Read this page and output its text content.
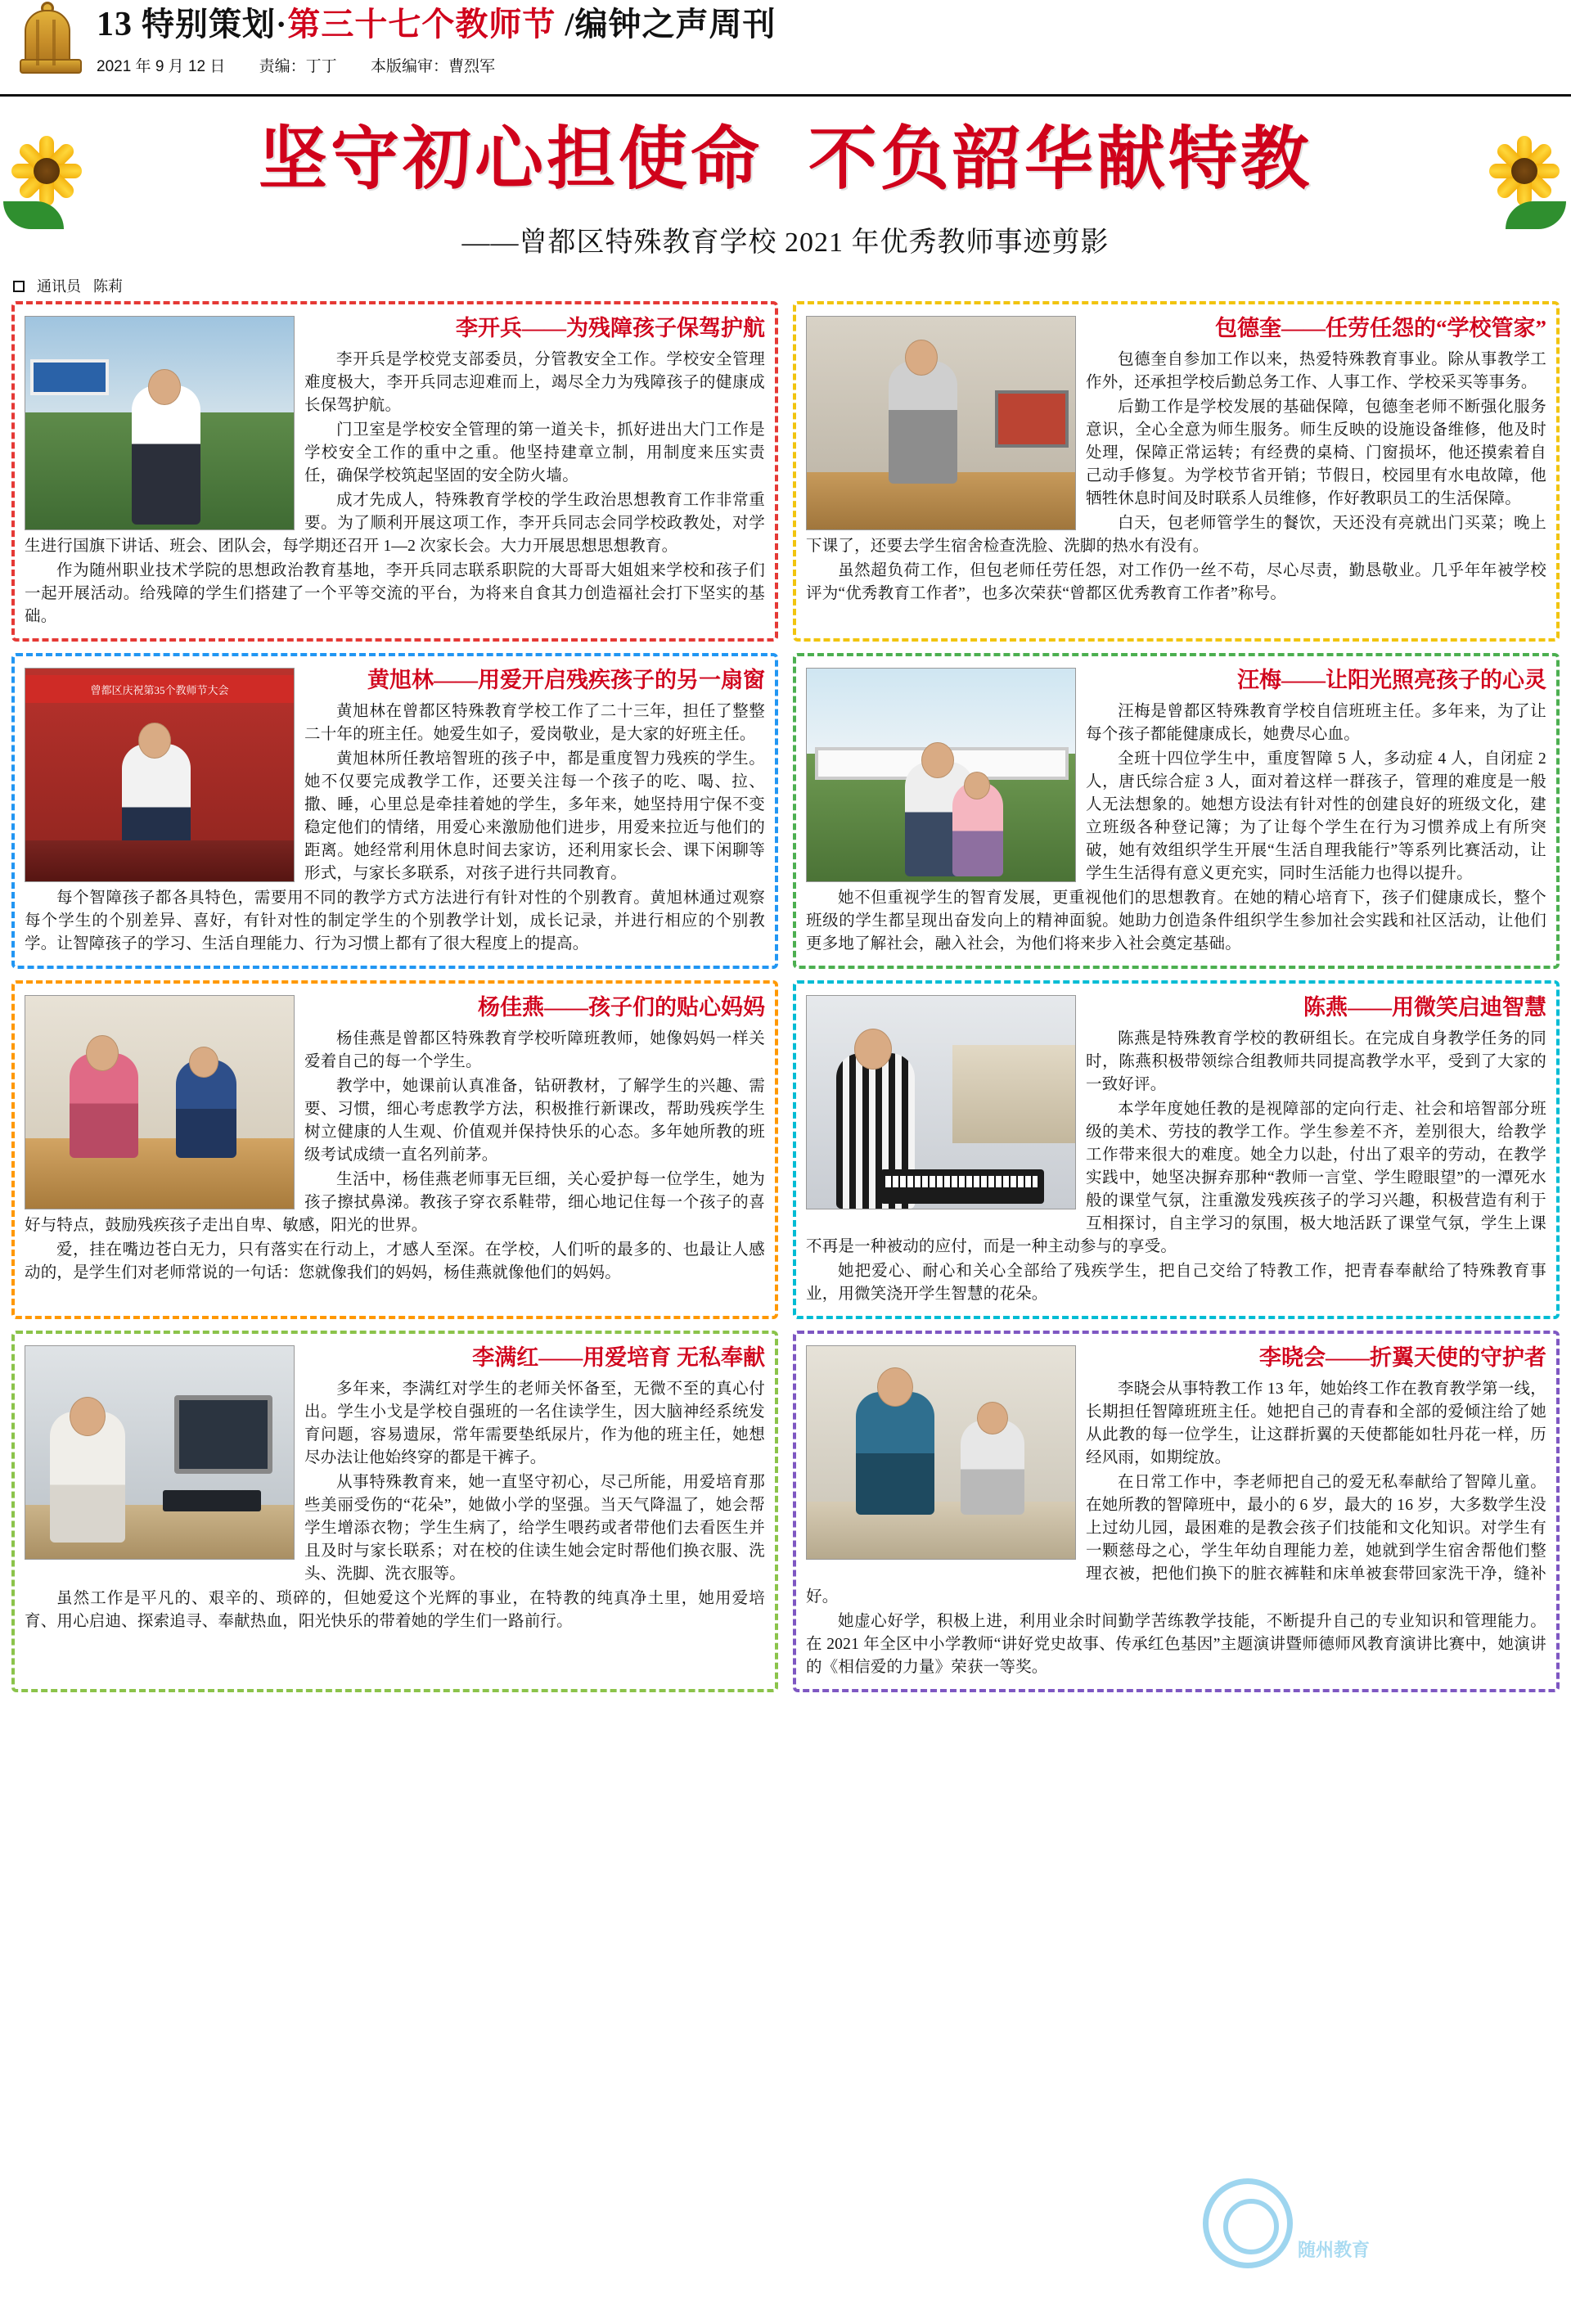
13 特别策划·第三十七个教师节 /编钟之声周刊
2021 年 9 月 12 日 责编：丁丁 本版编审：曹烈军
坚守初心担使命 不负韶华献特教
——曾都区特殊教育学校 2021 年优秀教师事迹剪影
通讯员 陈莉
李开兵——为残障孩子保驾护航

李开兵是学校党支部委员，分管教安全工作。学校安全管理难度极大，李开兵同志迎难而上，竭尽全力为残障孩子的健康成长保驾护航。

门卫室是学校安全管理的第一道关卡，抓好进出大门工作是学校安全工作的重中之重。他坚持建章立制，用制度来压实责任，确保学校筑起坚固的安全防火墙。

成才先成人，特殊教育学校的学生政治思想教育工作非常重要。为了顺利开展这项工作，李开兵同志会同学校政教处，对学生进行国旗下讲话、班会、团队会，每学期还召开 1—2 次家长会。大力开展思想思想教育。

作为随州职业技术学院的思想政治教育基地，李开兵同志联系职院的大哥哥大姐姐来学校和孩子们一起开展活动。给残障的学生们搭建了一个平等交流的平台，为将来自食其力创造福社会打下坚实的基础。

包德奎——任劳任怨的“学校管家”

包德奎自参加工作以来，热爱特殊教育事业。除从事教学工作外，还承担学校后勤总务工作、人事工作、学校采买等事务。

后勤工作是学校发展的基础保障，包德奎老师不断强化服务意识，全心全意为师生服务。师生反映的设施设备维修，他及时处理，保障正常运转；有经费的桌椅、门窗损坏，他还摸索着自己动手修复。为学校节省开销；节假日，校园里有水电故障，他牺牲休息时间及时联系人员维修，作好教职员工的生活保障。

白天，包老师管学生的餐饮，天还没有亮就出门买菜；晚上下课了，还要去学生宿舍检查洗脸、洗脚的热水有没有。

虽然超负荷工作，但包老师任劳任怨，对工作仍一丝不苟，尽心尽责，勤恳敬业。几乎年年被学校评为“优秀教育工作者”，也多次荣获“曾都区优秀教育工作者”称号。

曾都区庆祝第35个教师节大会	黄旭林——用爱开启残疾孩子的另一扇窗

黄旭林在曾都区特殊教育学校工作了二十三年，担任了整整二十年的班主任。她爱生如子，爱岗敬业，是大家的好班主任。

黄旭林所任教培智班的孩子中，都是重度智力残疾的学生。她不仅要完成教学工作，还要关注每一个孩子的吃、喝、拉、撒、睡，心里总是牵挂着她的学生，多年来，她坚持用宁保不变稳定他们的情绪，用爱心来激励他们进步，用爱来拉近与他们的距离。她经常利用休息时间去家访，还利用家长会、课下闲聊等形式，与家长多联系，对孩子进行共同教育。

每个智障孩子都各具特色，需要用不同的教学方式方法进行有针对性的个别教育。黄旭林通过观察每个学生的个别差异、喜好，有针对性的制定学生的个别教学计划，成长记录，并进行相应的个别教学。让智障孩子的学习、生活自理能力、行为习惯上都有了很大程度上的提高。

汪梅——让阳光照亮孩子的心灵

汪梅是曾都区特殊教育学校自信班班主任。多年来，为了让每个孩子都能健康成长，她费尽心血。

全班十四位学生中，重度智障 5 人，多动症 4 人，自闭症 2 人，唐氏综合症 3 人，面对着这样一群孩子，管理的难度是一般人无法想象的。她想方设法有针对性的创建良好的班级文化，建立班级各种登记簿；为了让每个学生在行为习惯养成上有所突破，她有效组织学生开展“生活自理我能行”等系列比赛活动，让学生生活得有意义更充实，同时生活能力也得以提升。

她不但重视学生的智育发展，更重视他们的思想教育。在她的精心培育下，孩子们健康成长，整个班级的学生都呈现出奋发向上的精神面貌。她助力创造条件组织学生参加社会实践和社区活动，让他们更多地了解社会，融入社会，为他们将来步入社会奠定基础。

杨佳燕——孩子们的贴心妈妈

杨佳燕是曾都区特殊教育学校听障班教师，她像妈妈一样关爱着自己的每一个学生。

教学中，她课前认真准备，钻研教材，了解学生的兴趣、需要、习惯，细心考虑教学方法，积极推行新课改，帮助残疾学生树立健康的人生观、价值观并保持快乐的心态。多年她所教的班级考试成绩一直名列前茅。

生活中，杨佳燕老师事无巨细，关心爱护每一位学生，她为孩子擦拭鼻涕。教孩子穿衣系鞋带，细心地记住每一个孩子的喜好与特点，鼓励残疾孩子走出自卑、敏感，阳光的世界。

爱，挂在嘴边苍白无力，只有落实在行动上，才感人至深。在学校，人们听的最多的、也最让人感动的，是学生们对老师常说的一句话：您就像我们的妈妈，杨佳燕就像他们的妈妈。

陈燕——用微笑启迪智慧

陈燕是特殊教育学校的教研组长。在完成自身教学任务的同时，陈燕积极带领综合组教师共同提高教学水平，受到了大家的一致好评。

本学年度她任教的是视障部的定向行走、社会和培智部分班级的美术、劳技的教学工作。学生参差不齐，差别很大，给教学工作带来很大的难度。她全力以赴，付出了艰辛的劳动，在教学实践中，她坚决摒弃那种“教师一言堂、学生瞪眼望”的一潭死水般的课堂气氛，注重激发残疾孩子的学习兴趣，积极营造有利于互相探讨，自主学习的氛围，极大地活跃了课堂气氛，学生上课不再是一种被动的应付，而是一种主动参与的享受。

她把爱心、耐心和关心全部给了残疾学生，把自己交给了特教工作，把青春奉献给了特殊教育事业，用微笑浇开学生智慧的花朵。

李满红——用爱培育 无私奉献

多年来，李满红对学生的老师关怀备至，无微不至的真心付出。学生小戈是学校自强班的一名住读学生，因大脑神经系统发育问题，容易遗尿，常年需要垫纸尿片，作为他的班主任，她想尽办法让他始终穿的都是干裤子。

从事特殊教育来，她一直坚守初心，尽己所能，用爱培育那些美丽受伤的“花朵”，她做小学的坚强。当天气降温了，她会帮学生增添衣物；学生生病了，给学生喂药或者带他们去看医生并且及时与家长联系；对在校的住读生她会定时帮他们换衣服、洗头、洗脚、洗衣服等。

虽然工作是平凡的、艰辛的、琐碎的，但她爱这个光辉的事业，在特教的纯真净土里，她用爱培育、用心启迪、探索追寻、奉献热血，阳光快乐的带着她的学生们一路前行。

李晓会——折翼天使的守护者

李晓会从事特教工作 13 年，她始终工作在教育教学第一线，长期担任智障班班主任。她把自己的青春和全部的爱倾注给了她从此教的每一位学生，让这群折翼的天使都能如牡丹花一样，历经风雨，如期绽放。

在日常工作中，李老师把自己的爱无私奉献给了智障儿童。在她所教的智障班中，最小的 6 岁，最大的 16 岁，大多数学生没上过幼儿园，最困难的是教会孩子们技能和文化知识。对学生有一颗慈母之心，学生年幼自理能力差，她就到学生宿舍帮他们整理衣被，把他们换下的脏衣裤鞋和床单被套带回家洗干净，缝补好。

她虚心好学，积极上进，利用业余时间勤学苦练教学技能，不断提升自己的专业知识和管理能力。在 2021 年全区中小学教师“讲好党史故事、传承红色基因”主题演讲暨师德师风教育演讲比赛中，她演讲的《相信爱的力量》荣获一等奖。

随州教育
